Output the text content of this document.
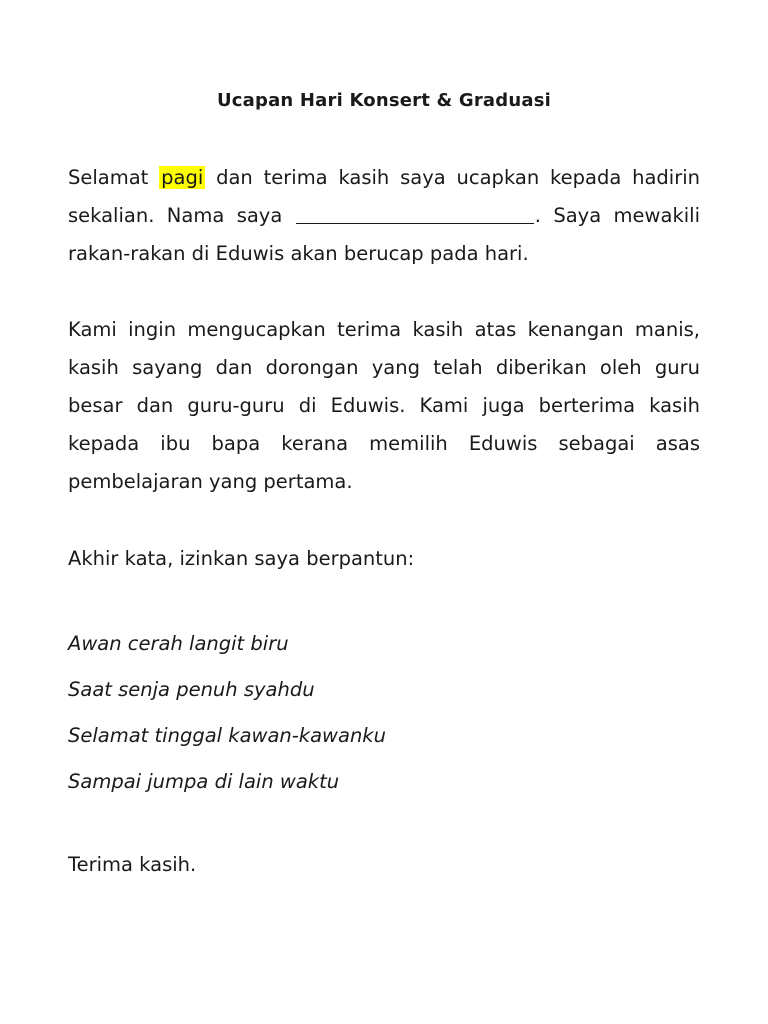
Ucapan Hari Konsert & Graduasi
Selamat pagi dan terima kasih saya ucapkan kepada hadirin sekalian. Nama saya	. Saya mewakili rakan-rakan di Eduwis akan berucap pada hari.
Kami ingin mengucapkan terima kasih atas kenangan manis, kasih sayang dan dorongan yang telah diberikan oleh guru besar dan guru-guru di Eduwis. Kami juga berterima kasih kepada ibu bapa kerana memilih Eduwis sebagai asas pembelajaran yang pertama.
Akhir kata, izinkan saya berpantun:
Awan cerah langit biru
Saat senja penuh syahdu
Selamat tinggal kawan-kawanku
Sampai jumpa di lain waktu
Terima kasih.
